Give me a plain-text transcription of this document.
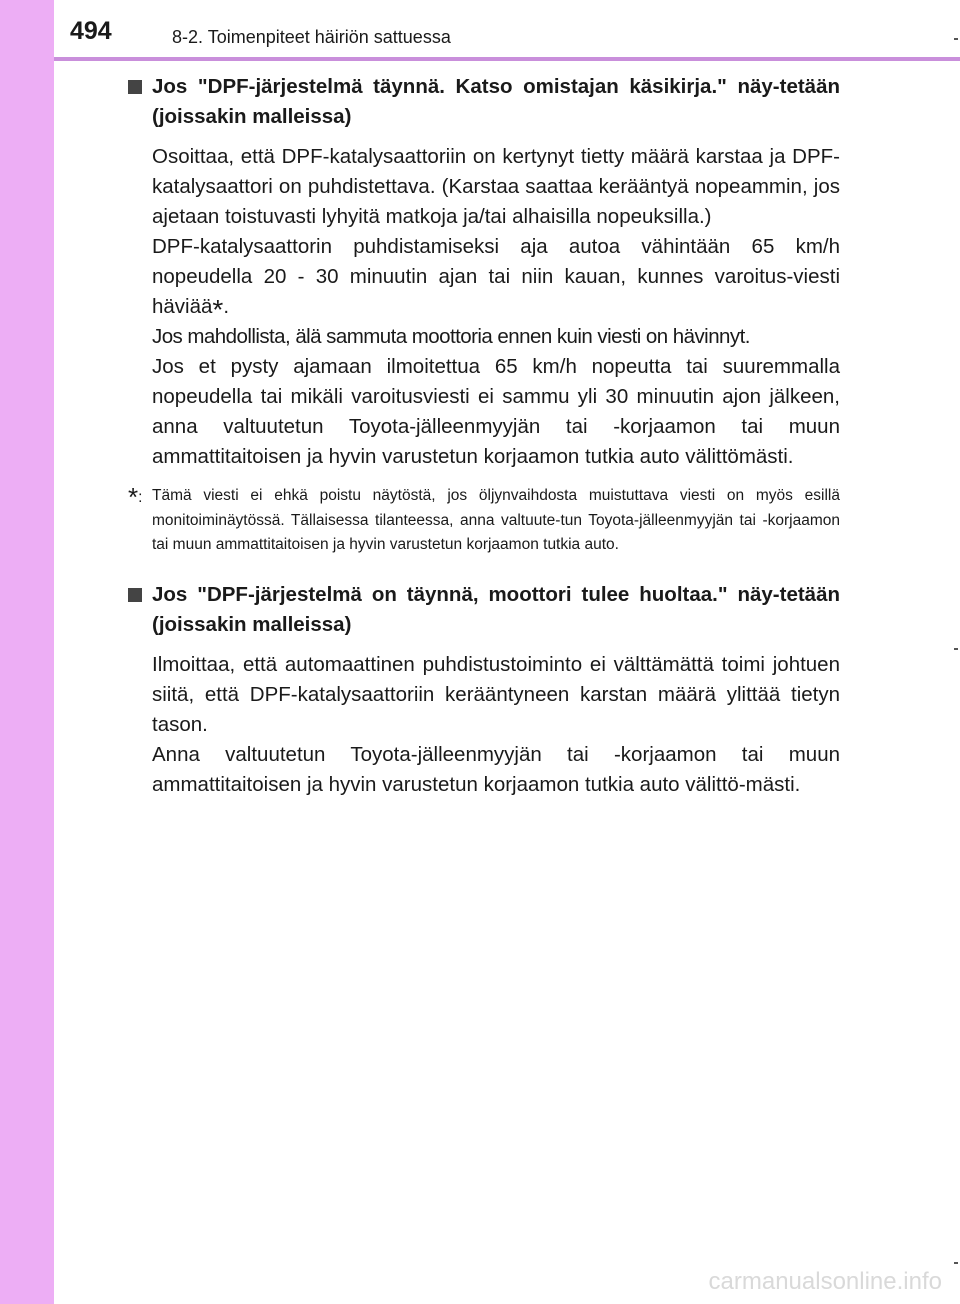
494	8-2. Toimenpiteet häiriön sattuessa
Jos "DPF-järjestelmä täynnä. Katso omistajan käsikirja." näy-tetään (joissakin malleissa)

Osoittaa, että DPF-katalysaattoriin on kertynyt tietty määrä karstaa ja DPF-katalysaattori on puhdistettava. (Karstaa saattaa kerääntyä nopeammin, jos ajetaan toistuvasti lyhyitä matkoja ja/tai alhaisilla nopeuksilla.)

DPF-katalysaattorin puhdistamiseksi aja autoa vähintään 65 km/h nopeudella 20 - 30 minuutin ajan tai niin kauan, kunnes varoitus-viesti häviää*.

Jos mahdollista, älä sammuta moottoria ennen kuin viesti on hävinnyt.

Jos et pysty ajamaan ilmoitettua 65 km/h nopeutta tai suuremmalla nopeudella tai mikäli varoitusviesti ei sammu yli 30 minuutin ajon jälkeen, anna valtuutetun Toyota-jälleenmyyjän tai -korjaamon tai muun ammattitaitoisen ja hyvin varustetun korjaamon tutkia auto välittömästi.

*: Tämä viesti ei ehkä poistu näytöstä, jos öljynvaihdosta muistuttava viesti on myös esillä monitoiminäytössä. Tällaisessa tilanteessa, anna valtuute-tun Toyota-jälleenmyyjän tai -korjaamon tai muun ammattitaitoisen ja hyvin varustetun korjaamon tutkia auto.
Jos "DPF-järjestelmä on täynnä, moottori tulee huoltaa." näy-tetään (joissakin malleissa)

Ilmoittaa, että automaattinen puhdistustoiminto ei välttämättä toimi johtuen siitä, että DPF-katalysaattoriin kerääntyneen karstan määrä ylittää tietyn tason.

Anna valtuutetun Toyota-jälleenmyyjän tai -korjaamon tai muun ammattitaitoisen ja hyvin varustetun korjaamon tutkia auto välittö-mästi.

carmanualsonline.info
